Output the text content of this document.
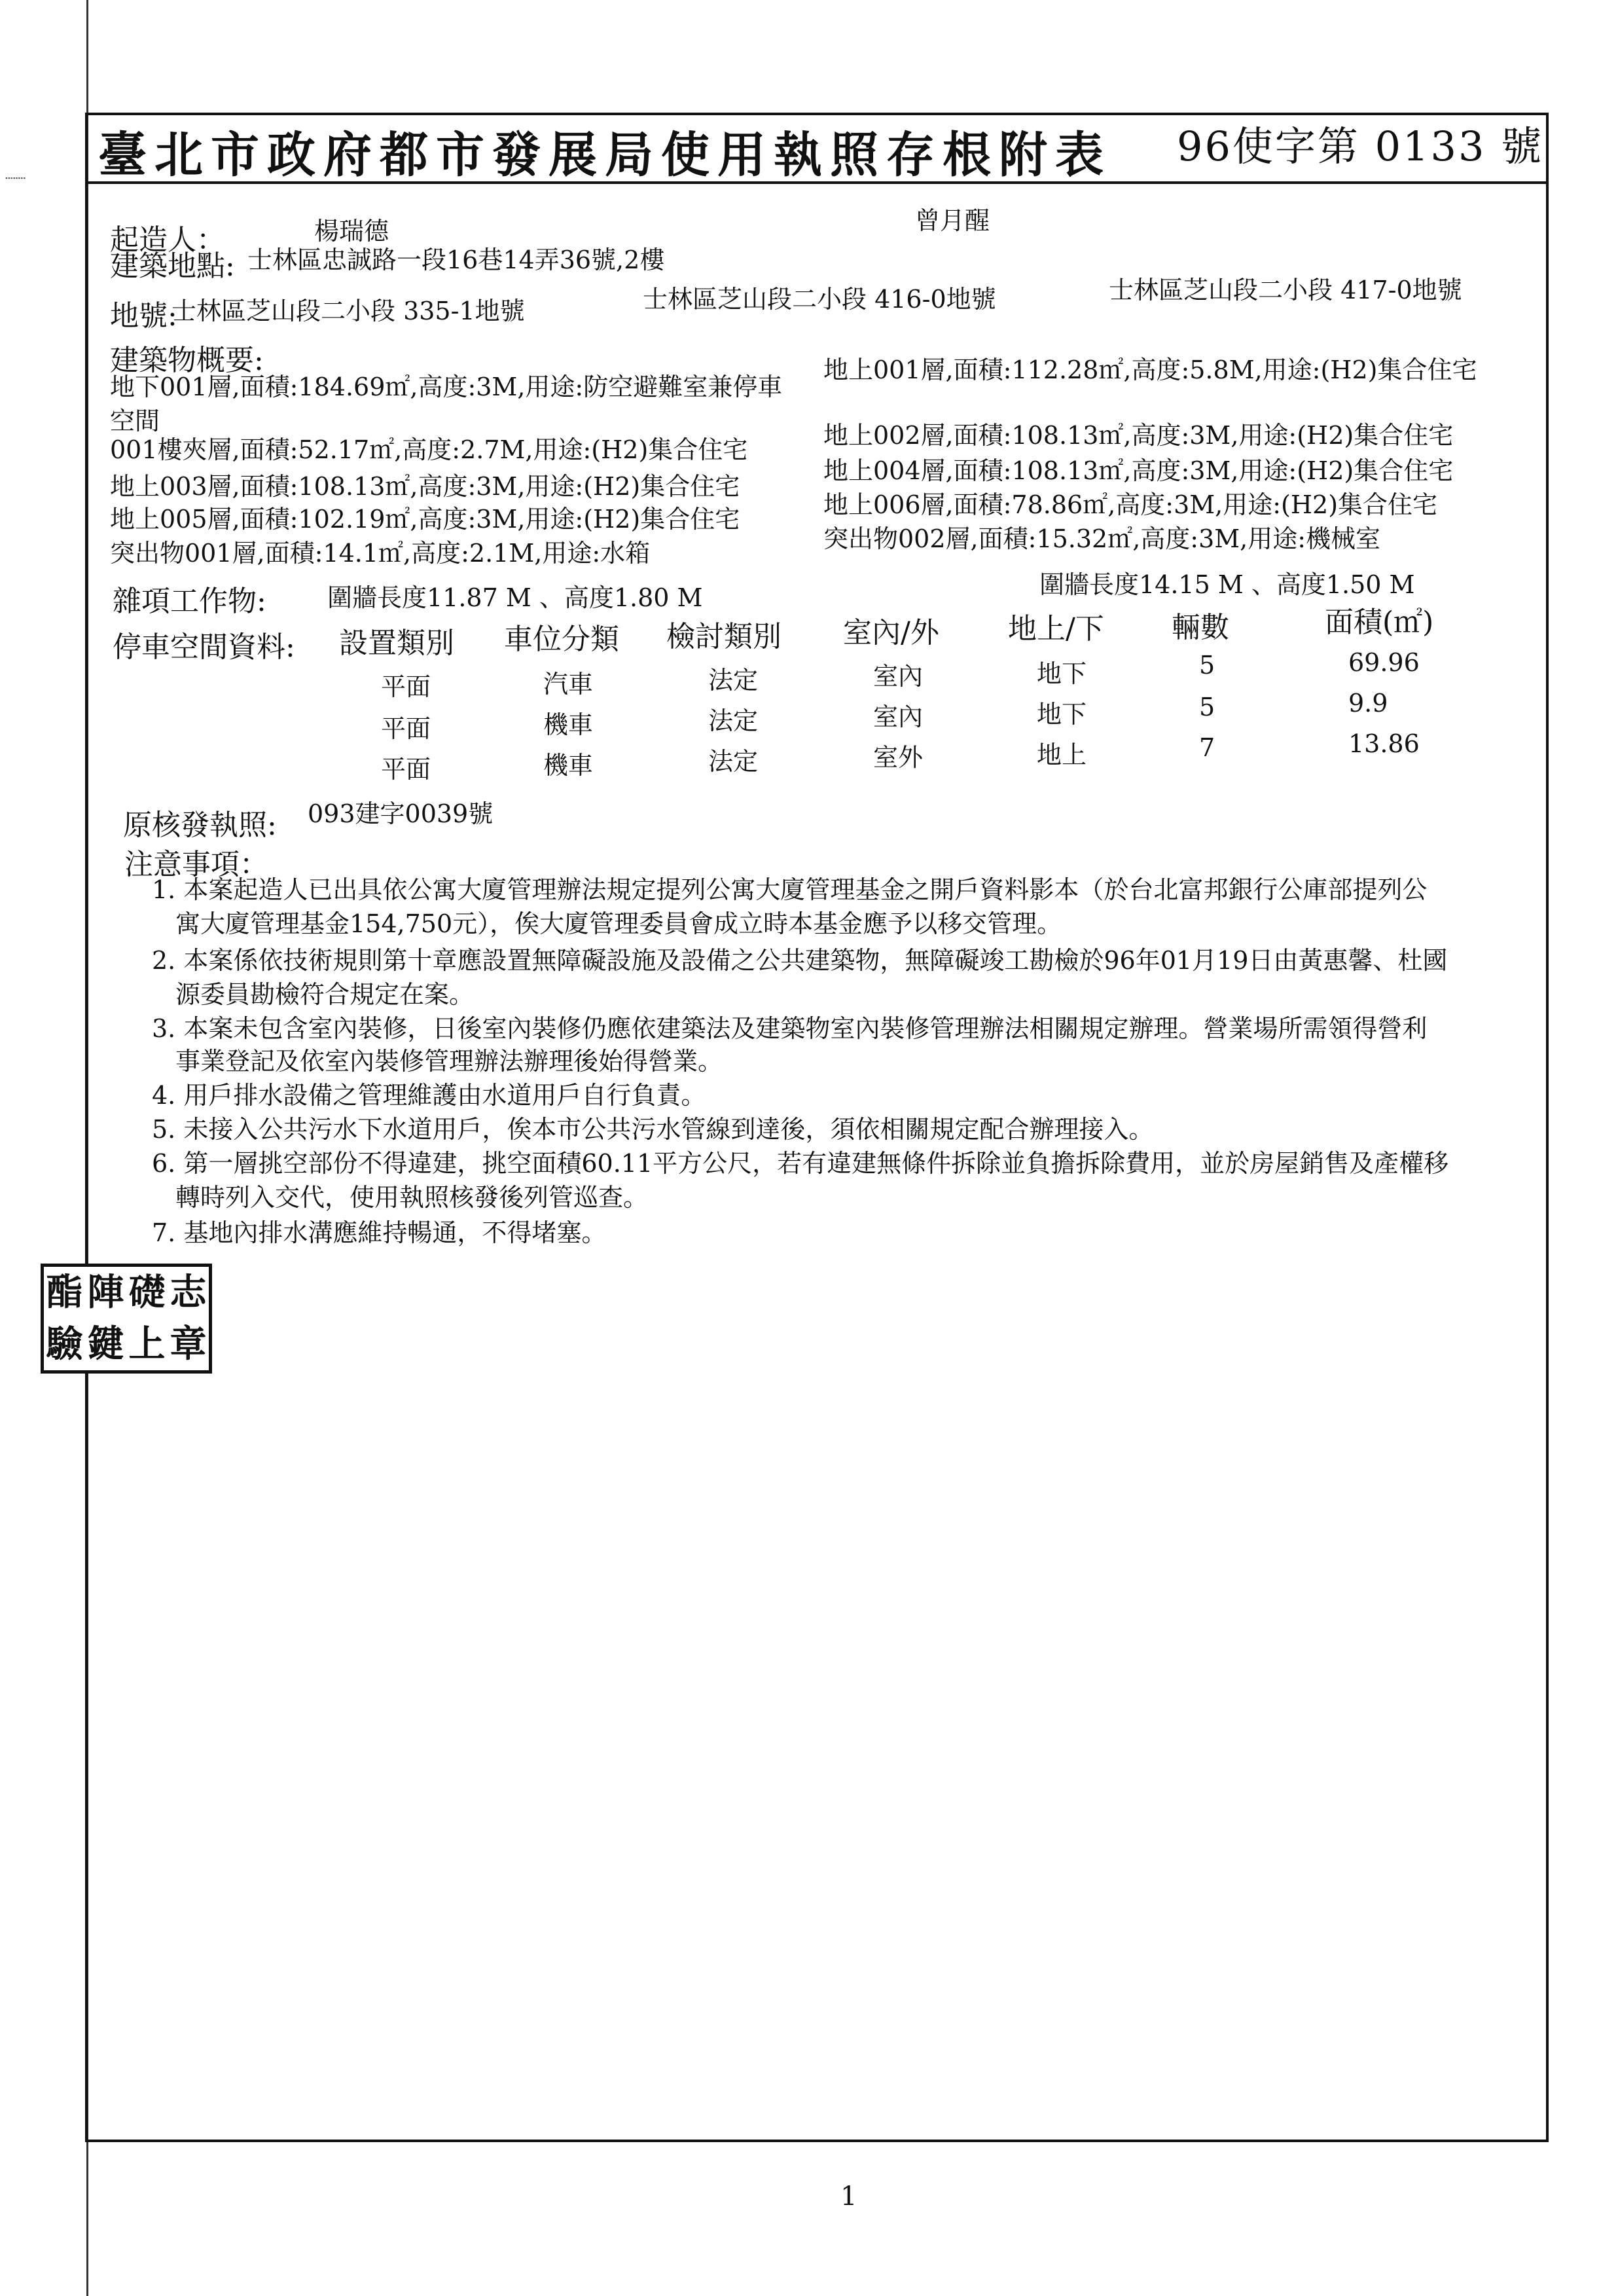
┈┈ 臺北市政府都市發展局使用執照存根附表 96使字第 0133 號
起造人：	楊瑞德	曾月醒
建築地點: 士林區忠誠路一段16巷14弄36號,2樓
地號:
士林區芝山段二小段 335-1地號	士林區芝山段二小段 416-0地號	士林區芝山段二小段 417-0地號
建築物概要:
地下001層,面積:184.69㎡,高度:3M,用途:防空避難室兼停車
空間
001樓夾層,面積:52.17㎡,高度:2.7M,用途:(H2)集合住宅
地上003層,面積:108.13㎡,高度:3M,用途:(H2)集合住宅
地上005層,面積:102.19㎡,高度:3M,用途:(H2)集合住宅
突出物001層,面積:14.1㎡,高度:2.1M,用途:水箱
地上001層,面積:112.28㎡,高度:5.8M,用途:(H2)集合住宅
地上002層,面積:108.13㎡,高度:3M,用途:(H2)集合住宅
地上004層,面積:108.13㎡,高度:3M,用途:(H2)集合住宅
地上006層,面積:78.86㎡,高度:3M,用途:(H2)集合住宅
突出物002層,面積:15.32㎡,高度:3M,用途:機械室
雜項工作物: 圍牆長度11.87 M 、高度1.80 M	圍牆長度14.15 M 、高度1.50 M
停車空間資料: 設置類別 車位分類 檢討類別 室內/外 地上/下 輛數	面積(㎡)
平面	汽車	法定	室內	地下	5	69.96
平面	機車	法定	室內	地下	5	9.9
平面	機車	法定	室外	地上	7	13.86
原核發執照: 093建字0039號
注意事項：
1. 本案起造人已出具依公寓大廈管理辦法規定提列公寓大廈管理基金之開戶資料影本（於台北富邦銀行公庫部提列公
寓大廈管理基金154,750元），俟大廈管理委員會成立時本基金應予以移交管理。
2. 本案係依技術規則第十章應設置無障礙設施及設備之公共建築物，無障礙竣工勘檢於96年01月19日由黃惠馨、杜國
源委員勘檢符合規定在案。
3. 本案未包含室內裝修，日後室內裝修仍應依建築法及建築物室內裝修管理辦法相關規定辦理。營業場所需領得營利
事業登記及依室內裝修管理辦法辦理後始得營業。
4. 用戶排水設備之管理維護由水道用戶自行負責。
5. 未接入公共污水下水道用戶，俟本市公共污水管線到達後，須依相關規定配合辦理接入。
6. 第一層挑空部份不得違建，挑空面積60.11平方公尺，若有違建無條件拆除並負擔拆除費用，並於房屋銷售及產權移
轉時列入交代，使用執照核發後列管巡查。
7. 基地內排水溝應維持暢通，不得堵塞。
酯 陣 礎 志
驗 鍵 上 章
1
